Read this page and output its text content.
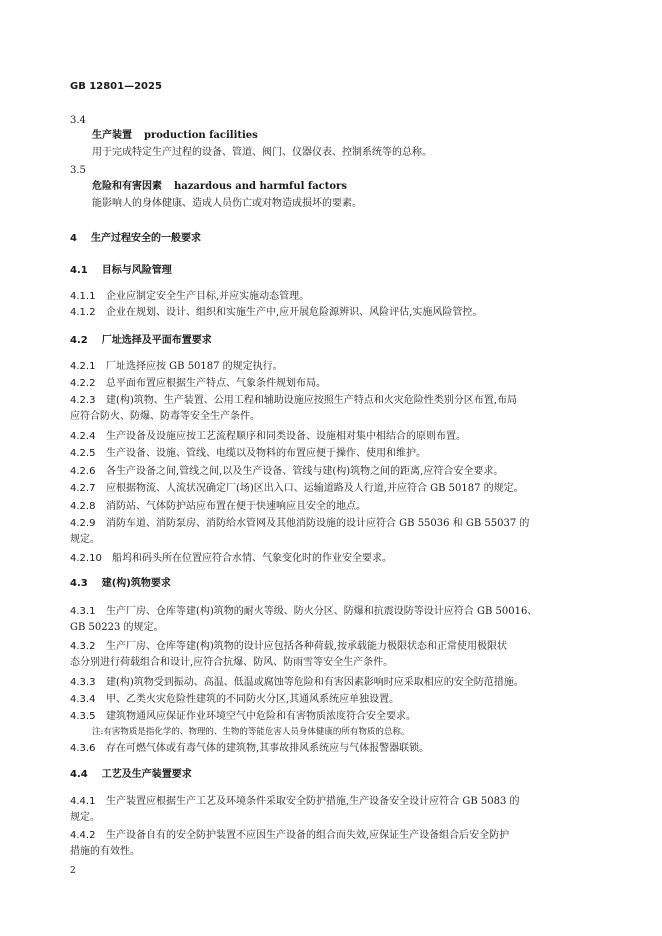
GB 12801—2025
3.4
生产装置 production facilities
用于完成特定生产过程的设备、管道、阀门、仪器仪表、控制系统等的总称。
3.5
危险和有害因素 hazardous and harmful factors
能影响人的身体健康、造成人员伤亡或对物造成损坏的要素。
4 生产过程安全的一般要求
4.1 目标与风险管理
4.1.1 企业应制定安全生产目标,并应实施动态管理。
4.1.2 企业在规划、设计、组织和实施生产中,应开展危险源辨识、风险评估,实施风险管控。
4.2 厂址选择及平面布置要求
4.2.1 厂址选择应按 GB 50187 的规定执行。
4.2.2 总平面布置应根据生产特点、气象条件规划布局。
4.2.3 建(构)筑物、生产装置、公用工程和辅助设施应按照生产特点和火灾危险性类别分区布置,布局
应符合防火、防爆、防毒等安全生产条件。
4.2.4 生产设备及设施应按工艺流程顺序和同类设备、设施相对集中相结合的原则布置。
4.2.5 生产设备、设施、管线、电缆以及物料的布置应便于操作、使用和维护。
4.2.6 各生产设备之间,管线之间,以及生产设备、管线与建(构)筑物之间的距离,应符合安全要求。
4.2.7 应根据物流、人流状况确定厂(场)区出入口、运输道路及人行道,并应符合 GB 50187 的规定。
4.2.8 消防站、气体防护站应布置在便于快速响应且安全的地点。
4.2.9 消防车道、消防泵房、消防给水管网及其他消防设施的设计应符合 GB 55036 和 GB 55037 的
规定。
4.2.10 船坞和码头所在位置应符合水情、气象变化时的作业安全要求。
4.3 建(构)筑物要求
4.3.1 生产厂房、仓库等建(构)筑物的耐火等级、防火分区、防爆和抗震设防等设计应符合 GB 50016、
GB 50223 的规定。
4.3.2 生产厂房、仓库等建(构)筑物的设计应包括各种荷载,按承载能力极限状态和正常使用极限状
态分别进行荷载组合和设计,应符合抗爆、防风、防雨雪等安全生产条件。
4.3.3 建(构)筑物受到振动、高温、低温或腐蚀等危险和有害因素影响时应采取相应的安全防范措施。
4.3.4 甲、乙类火灾危险性建筑的不同防火分区,其通风系统应单独设置。
4.3.5 建筑物通风应保证作业环境空气中危险和有害物质浓度符合安全要求。
注:有害物质是指化学的、物理的、生物的等能危害人员身体健康的所有物质的总称。
4.3.6 存在可燃气体或有毒气体的建筑物,其事故排风系统应与气体报警器联锁。
4.4 工艺及生产装置要求
4.4.1 生产装置应根据生产工艺及环境条件采取安全防护措施,生产设备安全设计应符合 GB 5083 的
规定。
4.4.2 生产设备自有的安全防护装置不应因生产设备的组合而失效,应保证生产设备组合后安全防护
措施的有效性。
2
